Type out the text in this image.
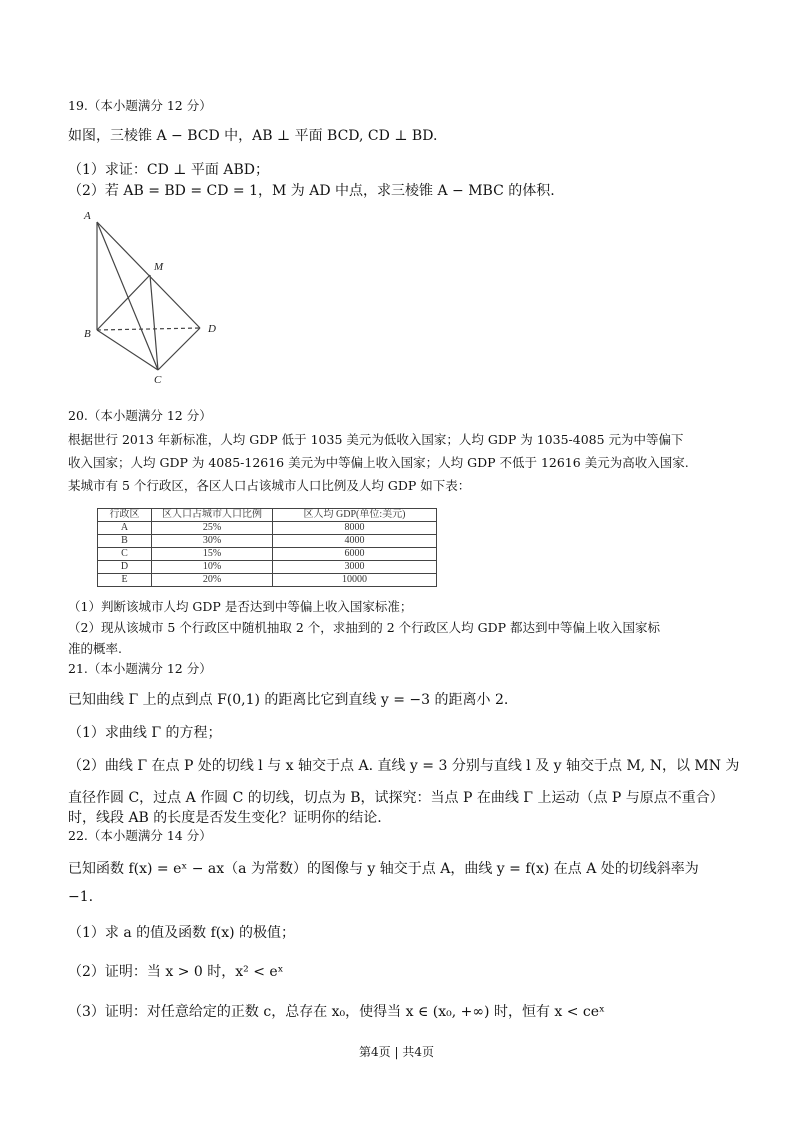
19.（本小题满分 12 分）
如图，三棱锥 A − BCD 中，AB ⊥ 平面 BCD, CD ⊥ BD.
（1）求证：CD ⊥ 平面 ABD；
（2）若 AB = BD = CD = 1，M 为 AD 中点，求三棱锥 A − MBC 的体积.
A
M
B	D
C
20.（本小题满分 12 分）
根据世行 2013 年新标准，人均 GDP 低于 1035 美元为低收入国家；人均 GDP 为 1035-4085 元为中等偏下
收入国家；人均 GDP 为 4085-12616 美元为中等偏上收入国家；人均 GDP 不低于 12616 美元为高收入国家.
某城市有 5 个行政区，各区人口占该城市人口比例及人均 GDP 如下表：
行政区	区人口占城市人口比例	区人均 GDP(单位:美元)
A	25%	8000
B	30%	4000
C	15%	6000
D	10%	3000
E	20%	10000
（1）判断该城市人均 GDP 是否达到中等偏上收入国家标准；
（2）现从该城市 5 个行政区中随机抽取 2 个，求抽到的 2 个行政区人均 GDP 都达到中等偏上收入国家标
准的概率.
21.（本小题满分 12 分）
已知曲线 Γ 上的点到点 F(0,1) 的距离比它到直线 y = −3 的距离小 2.
（1）求曲线 Γ 的方程；
（2）曲线 Γ 在点 P 处的切线 l 与 x 轴交于点 A. 直线 y = 3 分别与直线 l 及 y 轴交于点 M, N，以 MN 为
直径作圆 C，过点 A 作圆 C 的切线，切点为 B，试探究：当点 P 在曲线 Γ 上运动（点 P 与原点不重合）
时，线段 AB 的长度是否发生变化？证明你的结论.
22.（本小题满分 14 分）
已知函数 f(x) = eˣ − ax（a 为常数）的图像与 y 轴交于点 A，曲线 y = f(x) 在点 A 处的切线斜率为
−1.
（1）求 a 的值及函数 f(x) 的极值；
（2）证明：当 x > 0 时，x² < eˣ
（3）证明：对任意给定的正数 c，总存在 x₀，使得当 x ∈ (x₀, +∞) 时，恒有 x < ceˣ
第4页 | 共4页
